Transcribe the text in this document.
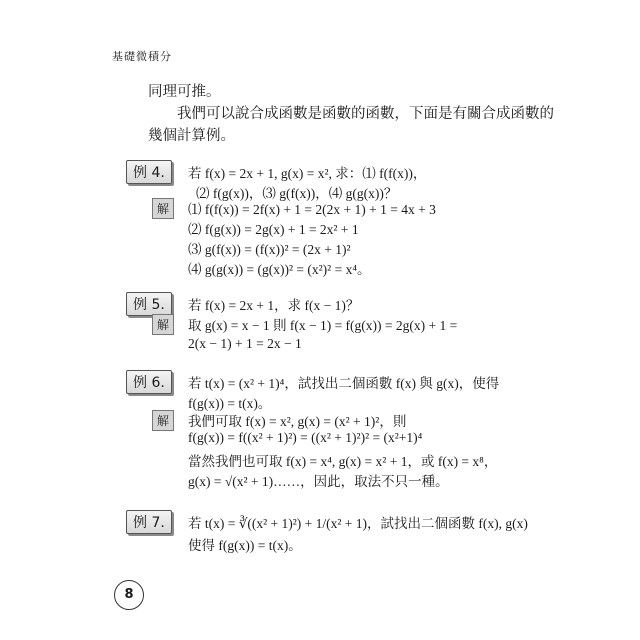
基礎微積分
同理可推。
我們可以說合成函數是函數的函數，下面是有關合成函數的
幾個計算例。
例 4.	若 f(x) = 2x + 1, g(x) = x², 求：⑴ f(f(x))，
⑵ f(g(x))，⑶ g(f(x))，⑷ g(g(x))？
解	⑴ f(f(x)) = 2f(x) + 1 = 2(2x + 1) + 1 = 4x + 3
⑵ f(g(x)) = 2g(x) + 1 = 2x² + 1
⑶ g(f(x)) = (f(x))² = (2x + 1)²
⑷ g(g(x)) = (g(x))² = (x²)² = x⁴。
例 5.	若 f(x) = 2x + 1，求 f(x − 1)？
解	取 g(x) = x − 1 則 f(x − 1) = f(g(x)) = 2g(x) + 1 =
2(x − 1) + 1 = 2x − 1
例 6.	若 t(x) = (x² + 1)⁴，試找出二個函數 f(x) 與 g(x)，使得
f(g(x)) = t(x)。
解	我們可取 f(x) = x², g(x) = (x² + 1)²，則
f(g(x)) = f((x² + 1)²) = ((x² + 1)²)² = (x²+1)⁴
當然我們也可取 f(x) = x⁴, g(x) = x² + 1，或 f(x) = x⁸，
g(x) = √(x² + 1)……，因此，取法不只一種。
例 7.	若 t(x) = ∛((x² + 1)²) + 1/(x² + 1)，試找出二個函數 f(x), g(x)
使得 f(g(x)) = t(x)。
8
